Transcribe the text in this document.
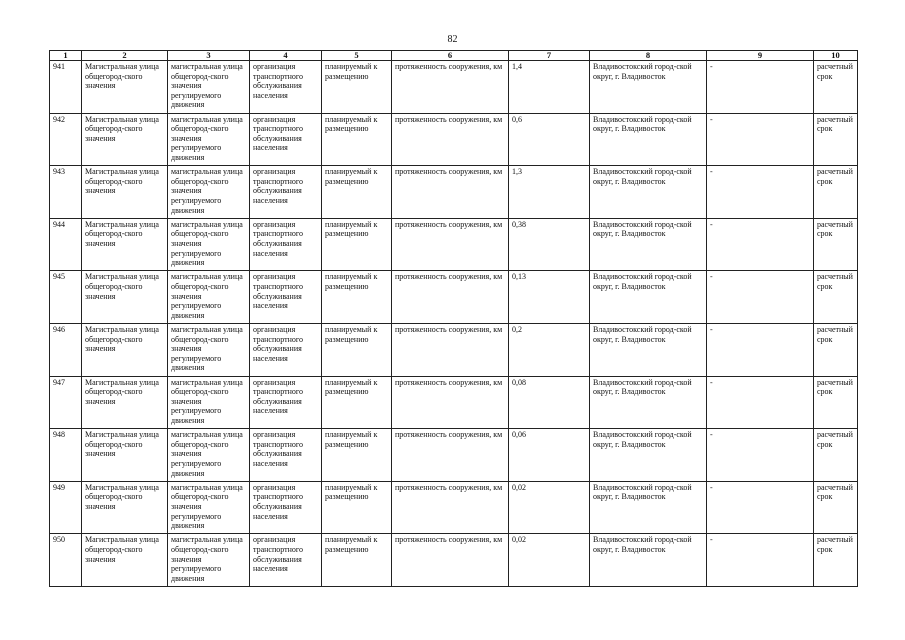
82
1	2	3	4	5	6	7	8	9	10
941	Магистральная улица общегород-ского значения	магистральная улица общегород-ского значения регулируемого движения	организация транспортного обслуживания населения	планируемый к размещению	протяженность сооружения, км	1,4	Владивостокский город-ской округ, г. Владивосток	-	расчетный срок
942	Магистральная улица общегород-ского значения	магистральная улица общегород-ского значения регулируемого движения	организация транспортного обслуживания населения	планируемый к размещению	протяженность сооружения, км	0,6	Владивостокский город-ской округ, г. Владивосток	-	расчетный срок
943	Магистральная улица общегород-ского значения	магистральная улица общегород-ского значения регулируемого движения	организация транспортного обслуживания населения	планируемый к размещению	протяженность сооружения, км	1,3	Владивостокский город-ской округ, г. Владивосток	-	расчетный срок
944	Магистральная улица общегород-ского значения	магистральная улица общегород-ского значения регулируемого движения	организация транспортного обслуживания населения	планируемый к размещению	протяженность сооружения, км	0,38	Владивостокский город-ской округ, г. Владивосток	-	расчетный срок
945	Магистральная улица общегород-ского значения	магистральная улица общегород-ского значения регулируемого движения	организация транспортного обслуживания населения	планируемый к размещению	протяженность сооружения, км	0,13	Владивостокский город-ской округ, г. Владивосток	-	расчетный срок
946	Магистральная улица общегород-ского значения	магистральная улица общегород-ского значения регулируемого движения	организация транспортного обслуживания населения	планируемый к размещению	протяженность сооружения, км	0,2	Владивостокский город-ской округ, г. Владивосток	-	расчетный срок
947	Магистральная улица общегород-ского значения	магистральная улица общегород-ского значения регулируемого движения	организация транспортного обслуживания населения	планируемый к размещению	протяженность сооружения, км	0,08	Владивостокский город-ской округ, г. Владивосток	-	расчетный срок
948	Магистральная улица общегород-ского значения	магистральная улица общегород-ского значения регулируемого движения	организация транспортного обслуживания населения	планируемый к размещению	протяженность сооружения, км	0,06	Владивостокский город-ской округ, г. Владивосток	-	расчетный срок
949	Магистральная улица общегород-ского значения	магистральная улица общегород-ского значения регулируемого движения	организация транспортного обслуживания населения	планируемый к размещению	протяженность сооружения, км	0,02	Владивостокский город-ской округ, г. Владивосток	-	расчетный срок
950	Магистральная улица общегород-ского значения	магистральная улица общегород-ского значения регулируемого движения	организация транспортного обслуживания населения	планируемый к размещению	протяженность сооружения, км	0,02	Владивостокский город-ской округ, г. Владивосток	-	расчетный срок
